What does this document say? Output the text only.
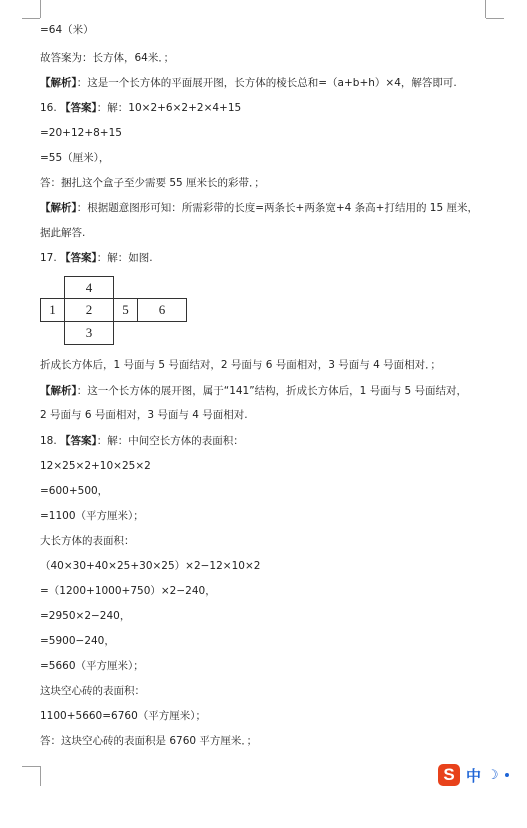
=64（米）
故答案为：长方体，64米．；
【解析】：这是一个长方体的平面展开图，长方体的棱长总和=（a+b+h）×4，解答即可.
16. 【答案】：解：10×2+6×2+2×4+15
=20+12+8+15
=55（厘米），
答：捆扎这个盒子至少需要 55 厘米长的彩带．；
【解析】：根据题意图形可知：所需彩带的长度=两条长+两条宽+4 条高+打结用的 15 厘米，
据此解答.
17. 【答案】：解：如图.
4
1	2	5	6
3
折成长方体后，1 号面与 5 号面结对，2 号面与 6 号面相对，3 号面与 4 号面相对．；
【解析】：这一个长方体的展开图，属于“141”结构，折成长方体后，1 号面与 5 号面结对，
2 号面与 6 号面相对，3 号面与 4 号面相对.
18. 【答案】：解：中间空长方体的表面积：
12×25×2+10×25×2
=600+500，
=1100（平方厘米）；
大长方体的表面积：
（40×30+40×25+30×25）×2−12×10×2
=（1200+1000+750）×2−240，
=2950×2−240，
=5900−240，
=5660（平方厘米）；
这块空心砖的表面积：
1100+5660=6760（平方厘米）；
答：这块空心砖的表面积是 6760 平方厘米．；
S 中 ☽
